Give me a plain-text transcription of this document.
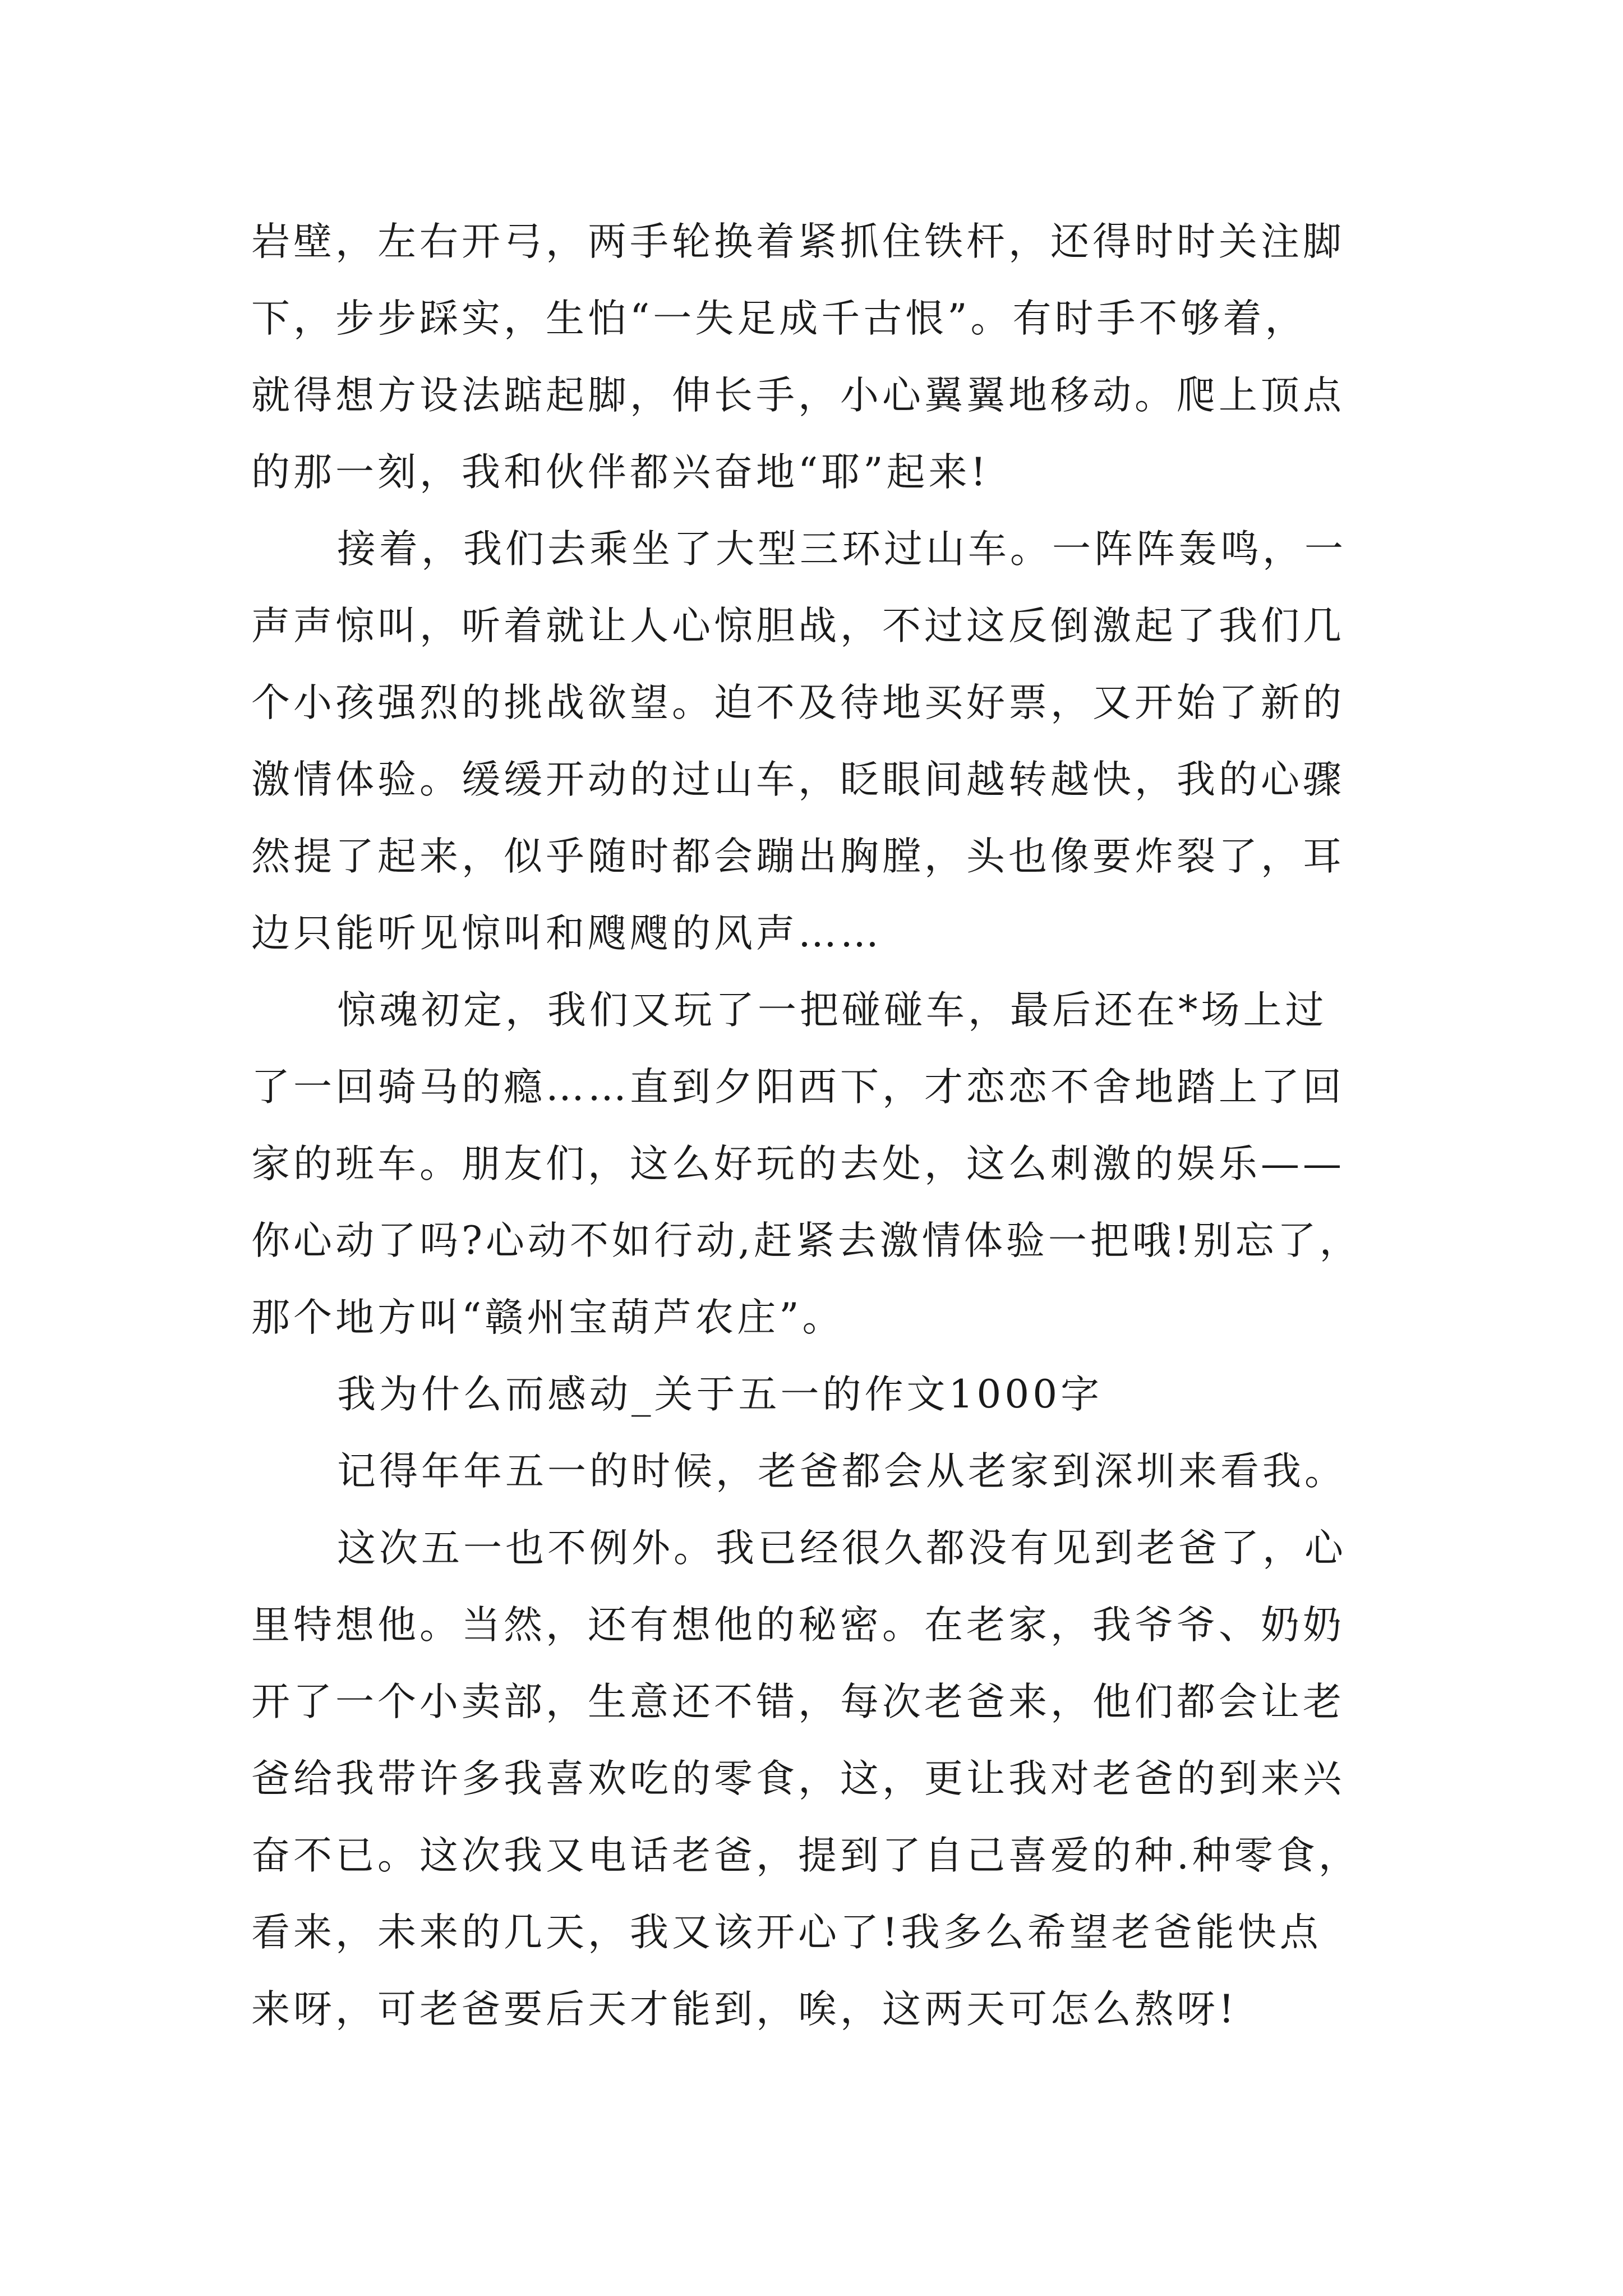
岩壁，左右开弓，两手轮换着紧抓住铁杆，还得时时关注脚
下，步步踩实，生怕“一失足成千古恨”。有时手不够着，
就得想方设法踮起脚，伸长手，小心翼翼地移动。爬上顶点
的那一刻，我和伙伴都兴奋地“耶”起来!
接着，我们去乘坐了大型三环过山车。一阵阵轰鸣，一
声声惊叫，听着就让人心惊胆战，不过这反倒激起了我们几
个小孩强烈的挑战欲望。迫不及待地买好票，又开始了新的
激情体验。缓缓开动的过山车，眨眼间越转越快，我的心骤
然提了起来，似乎随时都会蹦出胸膛，头也像要炸裂了，耳
边只能听见惊叫和飕飕的风声……
惊魂初定，我们又玩了一把碰碰车，最后还在*场上过
了一回骑马的瘾……直到夕阳西下，才恋恋不舍地踏上了回
家的班车。朋友们，这么好玩的去处，这么刺激的娱乐——
你心动了吗?心动不如行动,赶紧去激情体验一把哦!别忘了，
那个地方叫“赣州宝葫芦农庄”。
我为什么而感动_关于五一的作文1000字
记得年年五一的时候，老爸都会从老家到深圳来看我。
这次五一也不例外。我已经很久都没有见到老爸了，心
里特想他。当然，还有想他的秘密。在老家，我爷爷、奶奶
开了一个小卖部，生意还不错，每次老爸来，他们都会让老
爸给我带许多我喜欢吃的零食，这，更让我对老爸的到来兴
奋不已。这次我又电话老爸，提到了自己喜爱的种.种零食，
看来，未来的几天，我又该开心了!我多么希望老爸能快点
来呀，可老爸要后天才能到，唉，这两天可怎么熬呀!
